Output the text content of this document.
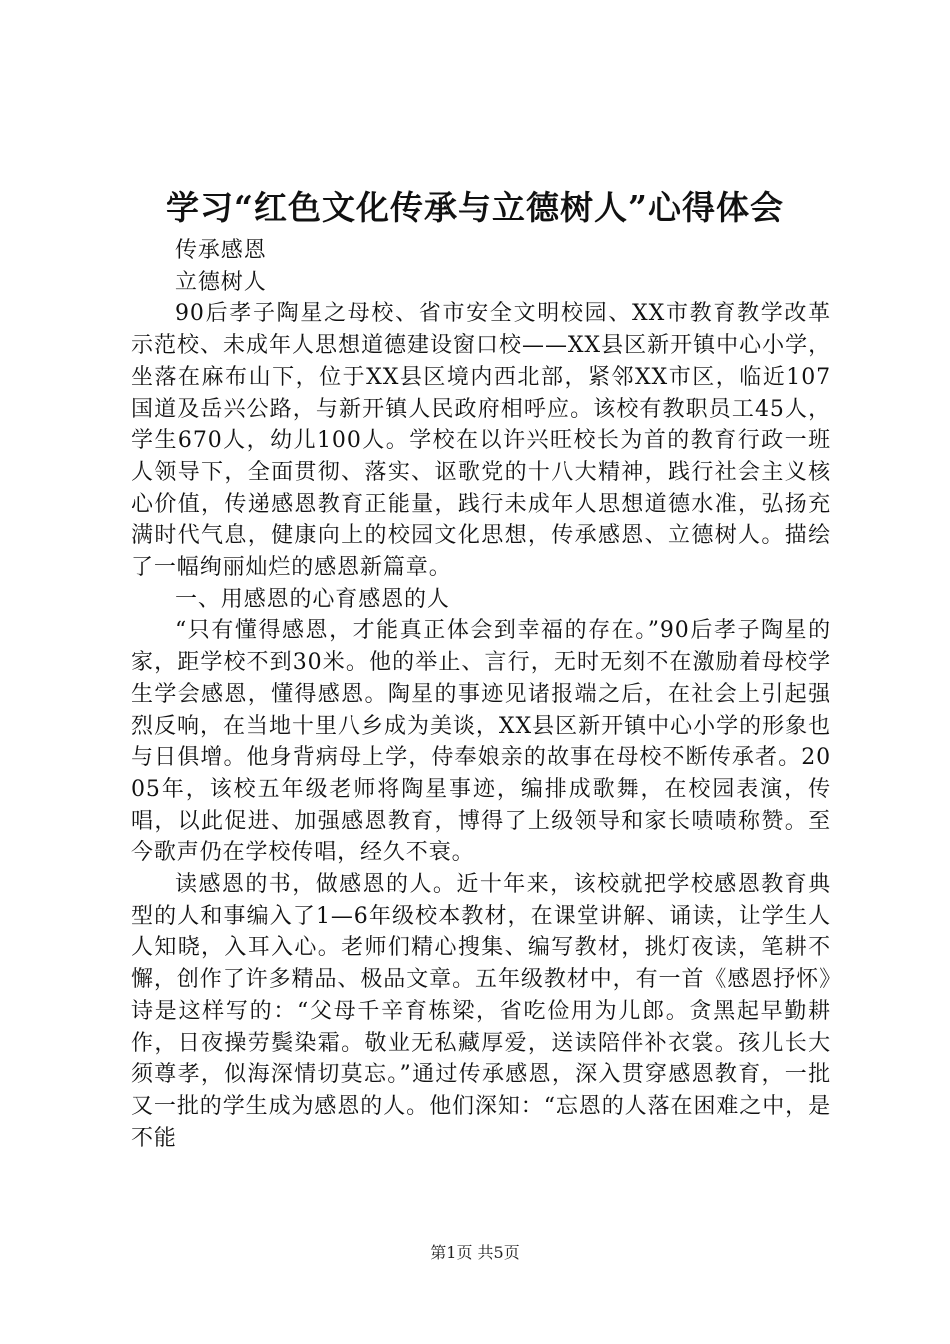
学习“红色文化传承与立德树人”心得体会

传承感恩

立德树人

90后孝子陶星之母校、省市安全文明校园、XX市教育教学改革示范校、未成年人思想道德建设窗口校——XX县区新开镇中心小学，坐落在麻布山下，位于XX县区境内西北部，紧邻XX市区，临近107国道及岳兴公路，与新开镇人民政府相呼应。该校有教职员工45人，学生670人，幼儿100人。学校在以许兴旺校长为首的教育行政一班人领导下，全面贯彻、落实、讴歌党的十八大精神，践行社会主义核心价值，传递感恩教育正能量，践行未成年人思想道德水准，弘扬充满时代气息，健康向上的校园文化思想，传承感恩、立德树人。描绘了一幅绚丽灿烂的感恩新篇章。

一、用感恩的心育感恩的人

“只有懂得感恩，才能真正体会到幸福的存在。”90后孝子陶星的家，距学校不到30米。他的举止、言行，无时无刻不在激励着母校学生学会感恩，懂得感恩。陶星的事迹见诸报端之后，在社会上引起强烈反响，在当地十里八乡成为美谈，XX县区新开镇中心小学的形象也与日俱增。他身背病母上学，侍奉娘亲的故事在母校不断传承者。2005年，该校五年级老师将陶星事迹，编排成歌舞，在校园表演，传唱，以此促进、加强感恩教育，博得了上级领导和家长啧啧称赞。至今歌声仍在学校传唱，经久不衰。

读感恩的书，做感恩的人。近十年来，该校就把学校感恩教育典型的人和事编入了1—6年级校本教材，在课堂讲解、诵读，让学生人人知晓，入耳入心。老师们精心搜集、编写教材，挑灯夜读，笔耕不懈，创作了许多精品、极品文章。五年级教材中，有一首《感恩抒怀》诗是这样写的：“父母千辛育栋梁，省吃俭用为儿郎。贪黑起早勤耕作，日夜操劳鬓染霜。敬业无私藏厚爱，送读陪伴补衣裳。孩儿长大须尊孝，似海深情切莫忘。”通过传承感恩，深入贯穿感恩教育，一批又一批的学生成为感恩的人。他们深知：“忘恩的人落在困难之中，是不能

第1页 共5页
